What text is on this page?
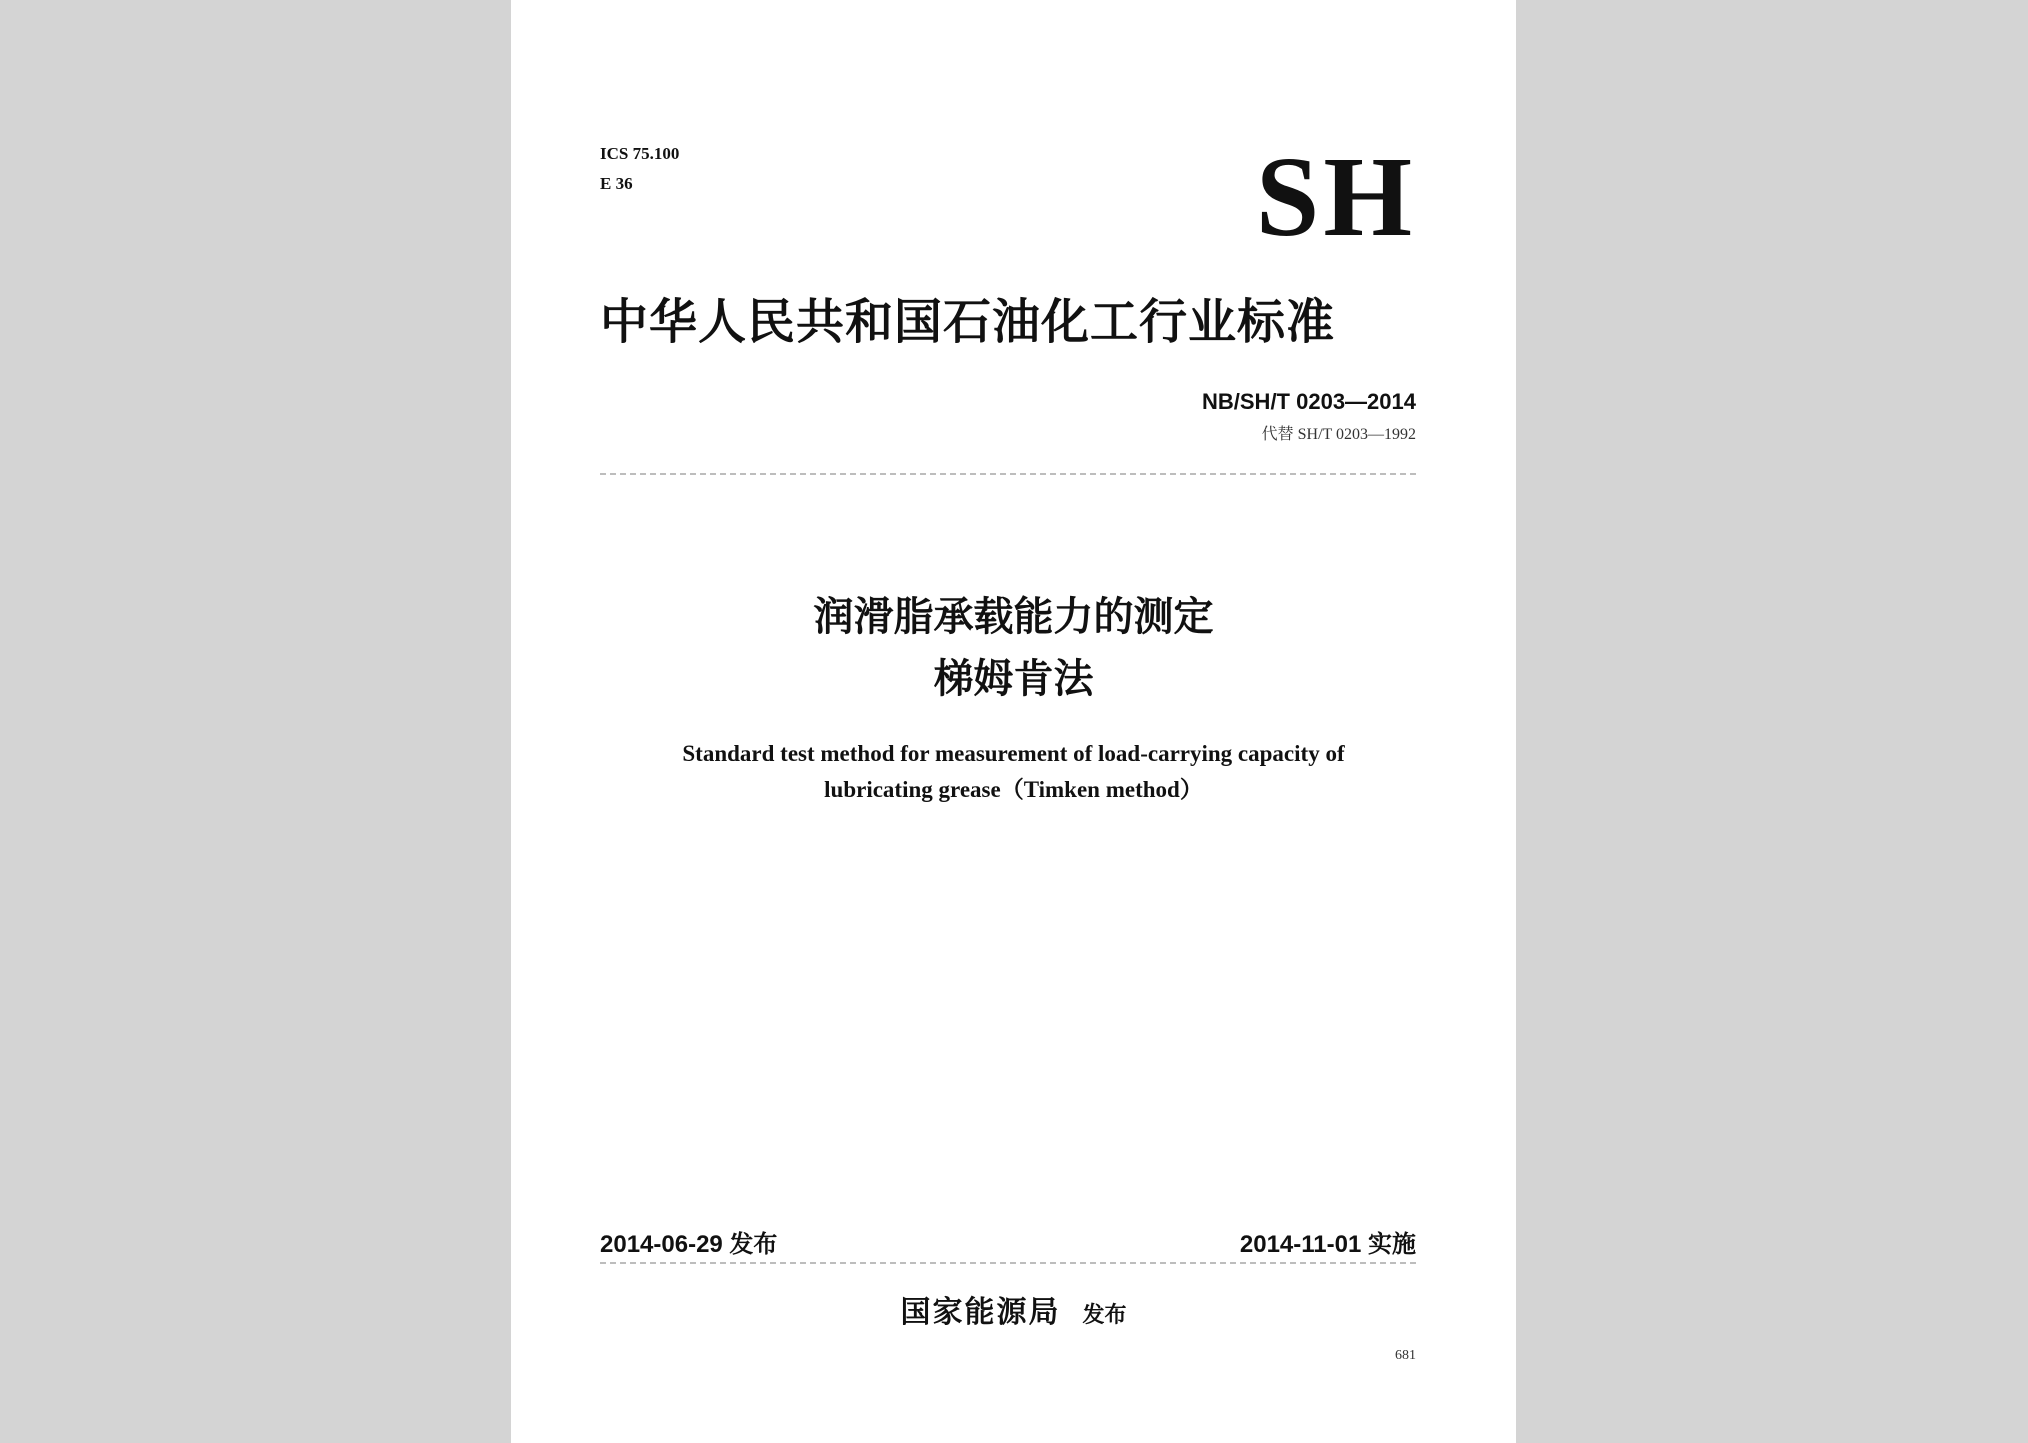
ICS 75.100
E 36	SH
中华人民共和国石油化工行业标准
NB/SH/T 0203—2014
代替 SH/T 0203—1992
润滑脂承载能力的测定
梯姆肯法
Standard test method for measurement of load-carrying capacity of
lubricating grease（Timken method）
2014-06-29 发布	2014-11-01 实施
国家能源局 发布
681
